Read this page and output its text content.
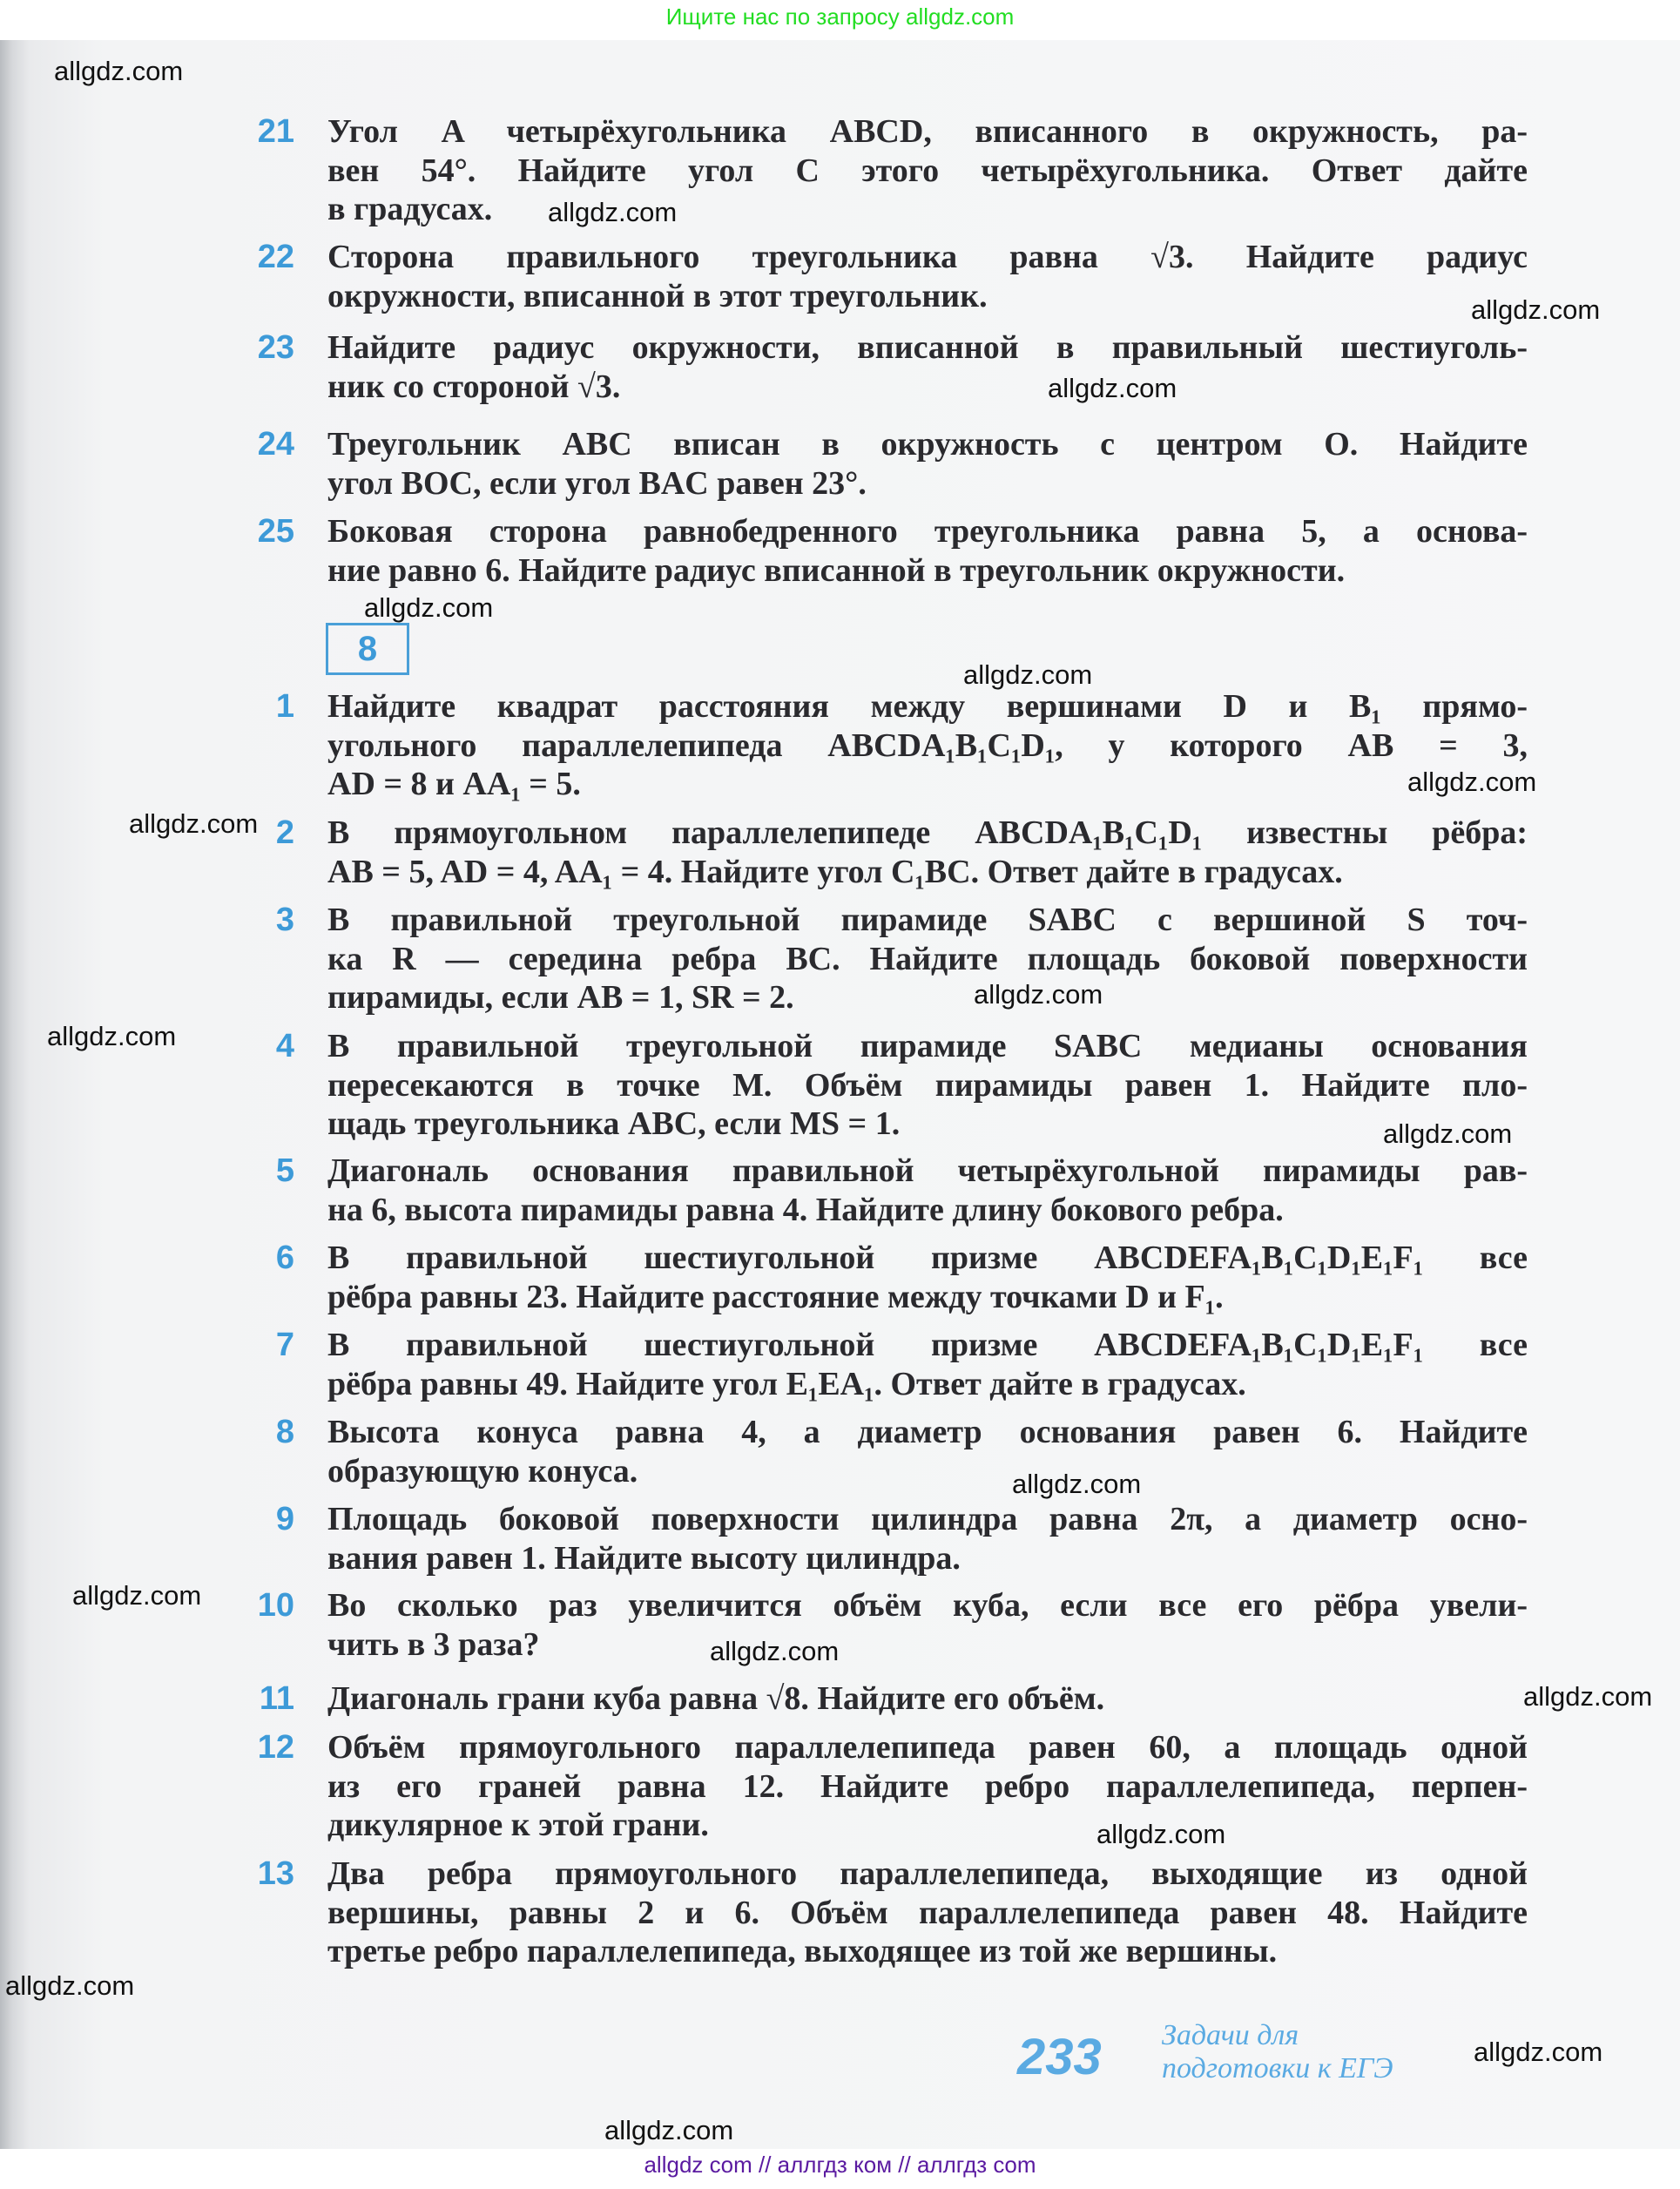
Ищите нас по запросу allgdz.com
21 Угол A четырёхугольника ABCD, вписанного в окружность, ра-
вен 54°. Найдите угол C этого четырёхугольника. Ответ дайте
в градусах.
22 Сторона правильного треугольника равна √3. Найдите радиус
окружности, вписанной в этот треугольник.
23 Найдите радиус окружности, вписанной в правильный шестиуголь-
ник со стороной √3.
24 Треугольник ABC вписан в окружность с центром O. Найдите
угол BOC, если угол BAC равен 23°.
25 Боковая сторона равнобедренного треугольника равна 5, а основа-
ние равно 6. Найдите радиус вписанной в треугольник окружности.
1 Найдите квадрат расстояния между вершинами D и B₁ прямо-
угольного параллелепипеда ABCDA₁B₁C₁D₁, у которого AB = 3,
AD = 8 и AA₁ = 5.
2 В прямоугольном параллелепипеде ABCDA₁B₁C₁D₁ известны рёбра:
AB = 5, AD = 4, AA₁ = 4. Найдите угол C₁BC. Ответ дайте в градусах.
3 В правильной треугольной пирамиде SABC с вершиной S точ-
ка R — середина ребра BC. Найдите площадь боковой поверхности
пирамиды, если AB = 1, SR = 2.
4 В правильной треугольной пирамиде SABC медианы основания
пересекаются в точке M. Объём пирамиды равен 1. Найдите пло-
щадь треугольника ABC, если MS = 1.
5 Диагональ основания правильной четырёхугольной пирамиды рав-
на 6, высота пирамиды равна 4. Найдите длину бокового ребра.
6 В правильной шестиугольной призме ABCDEFA₁B₁C₁D₁E₁F₁ все
рёбра равны 23. Найдите расстояние между точками D и F₁.
7 В правильной шестиугольной призме ABCDEFA₁B₁C₁D₁E₁F₁ все
рёбра равны 49. Найдите угол E₁EA₁. Ответ дайте в градусах.
8 Высота конуса равна 4, а диаметр основания равен 6. Найдите
образующую конуса.
9 Площадь боковой поверхности цилиндра равна 2π, а диаметр осно-
вания равен 1. Найдите высоту цилиндра.
10 Во сколько раз увеличится объём куба, если все его рёбра увели-
чить в 3 раза?
11 Диагональ грани куба равна √8. Найдите его объём.
12 Объём прямоугольного параллелепипеда равен 60, а площадь одной
из его граней равна 12. Найдите ребро параллелепипеда, перпен-
дикулярное к этой грани.
13 Два ребра прямоугольного параллелепипеда, выходящие из одной
вершины, равны 2 и 6. Объём параллелепипеда равен 48. Найдите
третье ребро параллелепипеда, выходящее из той же вершины.
8
233 Задачи для
подготовки к ЕГЭ
allgdz.com
allgdz.com
allgdz.com
allgdz.com
allgdz.com
allgdz.com
allgdz.com
allgdz.com
allgdz.com
allgdz.com
allgdz.com
allgdz.com
allgdz.com
allgdz.com
allgdz.com
allgdz.com
allgdz.com
allgdz.com
allgdz.com
allgdz com // аллгдз ком // аллгдз com
